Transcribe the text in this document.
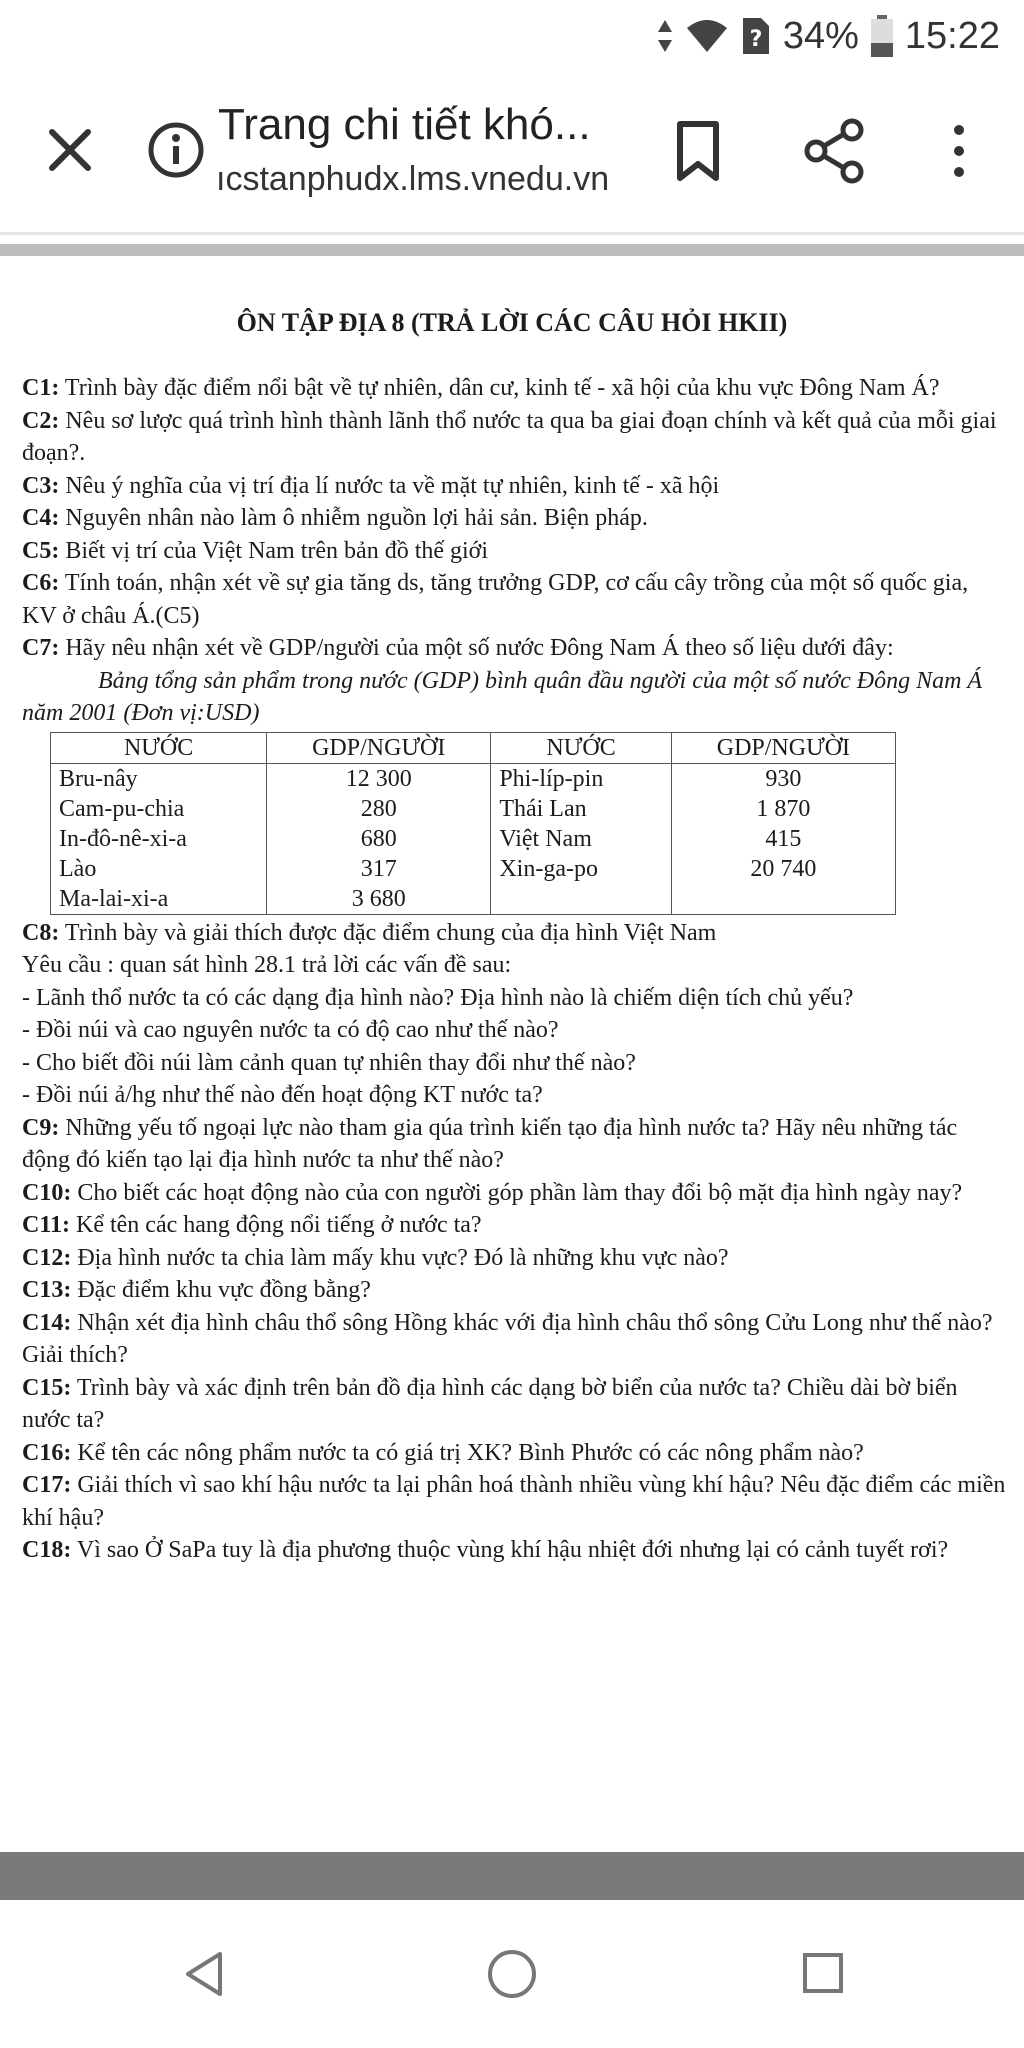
? 34% 15:22
Trang chi tiết khó...
ıcstanphudx.lms.vnedu.vn
ÔN TẬP ĐỊA 8 (TRẢ LỜI CÁC CÂU HỎI HKII)

C1: Trình bày đặc điểm nổi bật về tự nhiên, dân cư, kinh tế - xã hội của khu vực Đông Nam Á?

C2: Nêu sơ lược quá trình hình thành lãnh thổ nước ta qua ba giai đoạn chính và kết quả của mỗi giai đoạn?.

C3: Nêu ý nghĩa của vị trí địa lí nước ta về mặt tự nhiên, kinh tế - xã hội

C4: Nguyên nhân nào làm ô nhiễm nguồn lợi hải sản. Biện pháp.

C5: Biết vị trí của Việt Nam trên bản đồ thế giới

C6: Tính toán, nhận xét về sự gia tăng ds, tăng trưởng GDP, cơ cấu cây trồng của một số quốc gia, KV ở châu Á.(C5)

C7: Hãy nêu nhận xét về GDP/người của một số nước Đông Nam Á theo số liệu dưới đây:

Bảng tổng sản phẩm trong nước (GDP) bình quân đầu người của một số nước Đông Nam Á năm 2001 (Đơn vị:USD)

NƯỚC	GDP/NGƯỜI	NƯỚC	GDP/NGƯỜI
Bru-nây	12 300	Phi-líp-pin	930
Cam-pu-chia	280	Thái Lan	1 870
In-đô-nê-xi-a	680	Việt Nam	415
Lào	317	Xin-ga-po	20 740
Ma-lai-xi-a	3 680		

C8: Trình bày và giải thích được đặc điểm chung của địa hình Việt Nam

Yêu cầu : quan sát hình 28.1 trả lời các vấn đề sau:

- Lãnh thổ nước ta có các dạng địa hình nào? Địa hình nào là chiếm diện tích chủ yếu?

- Đồi núi và cao nguyên nước ta có độ cao như thế nào?

- Cho biết đồi núi làm cảnh quan tự nhiên thay đổi như thế nào?

- Đồi núi ả/hg như thế nào đến hoạt động KT nước ta?

C9: Những yếu tố ngoại lực nào tham gia qúa trình kiến tạo địa hình nước ta? Hãy nêu những tác động đó kiến tạo lại địa hình nước ta như thế nào?

C10: Cho biết các hoạt động nào của con người góp phần làm thay đổi bộ mặt địa hình ngày nay?

C11: Kể tên các hang động nổi tiếng ở nước ta?

C12: Địa hình nước ta chia làm mấy khu vực? Đó là những khu vực nào?

C13: Đặc điểm khu vực đồng bằng?

C14: Nhận xét địa hình châu thổ sông Hồng khác với địa hình châu thổ sông Cửu Long như thế nào? Giải thích?

C15: Trình bày và xác định trên bản đồ địa hình các dạng bờ biển của nước ta? Chiều dài bờ biển nước ta?

C16: Kể tên các nông phẩm nước ta có giá trị XK? Bình Phước có các nông phẩm nào?

C17: Giải thích vì sao khí hậu nước ta lại phân hoá thành nhiều vùng khí hậu? Nêu đặc điểm các miền khí hậu?

C18: Vì sao Ở SaPa tuy là địa phương thuộc vùng khí hậu nhiệt đới nhưng lại có cảnh tuyết rơi?
